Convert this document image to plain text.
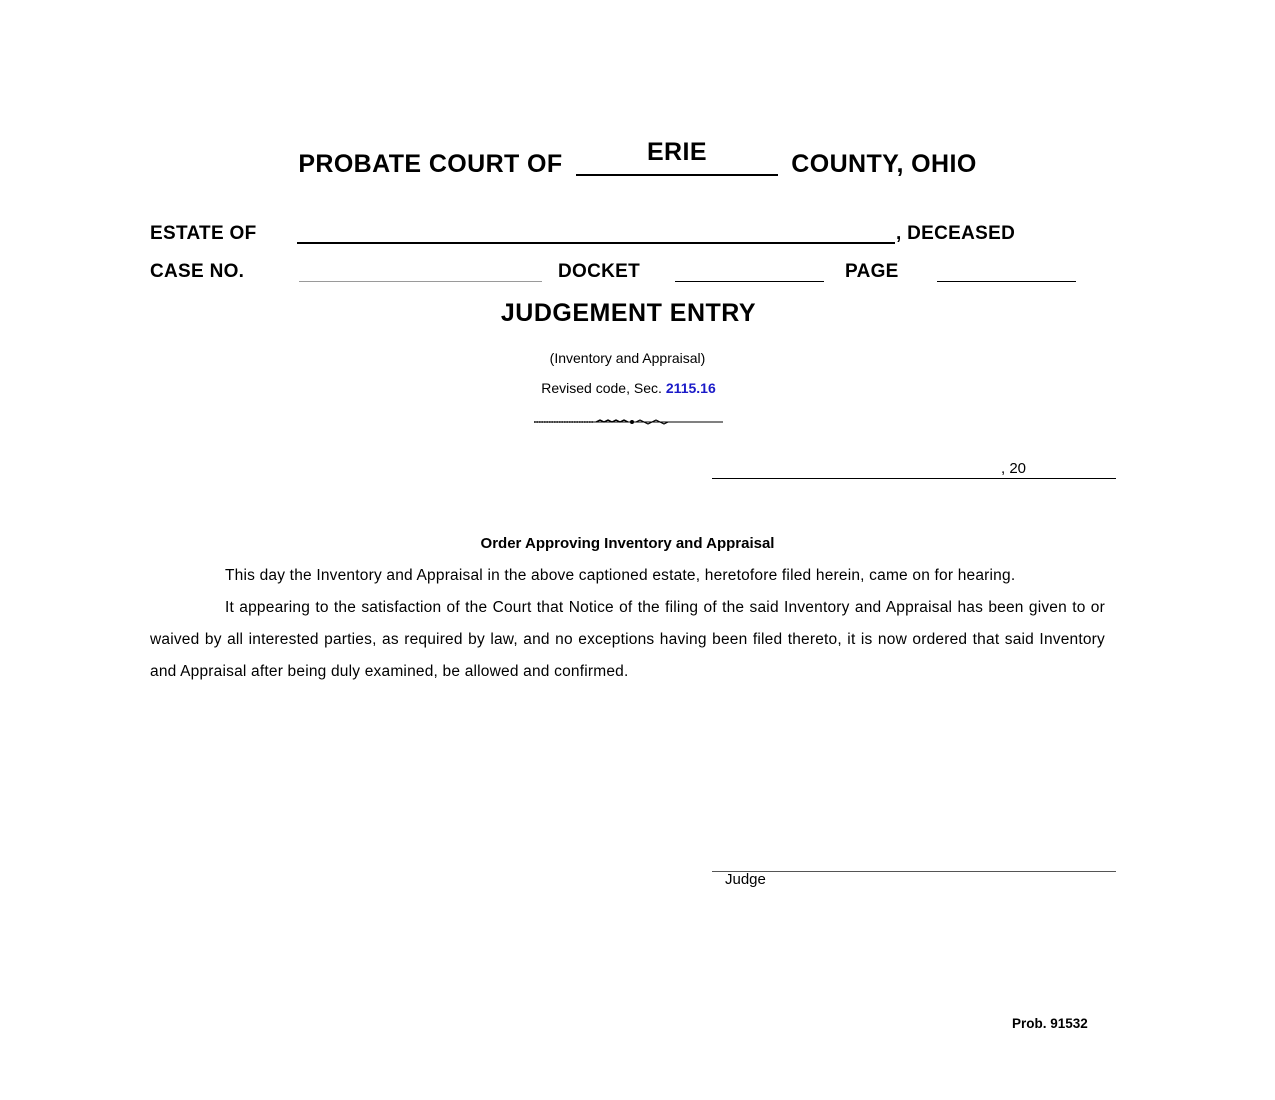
PROBATE COURT OF	ERIE	COUNTY, OHIO
ESTATE OF	, DECEASED
CASE NO.	DOCKET	PAGE
JUDGEMENT ENTRY
(Inventory and Appraisal)
Revised code, Sec. 2115.16
, 20
Order Approving Inventory and Appraisal

This day the Inventory and Appraisal in the above captioned estate, heretofore filed herein, came on for hearing.

It appearing to the satisfaction of the Court that Notice of the filing of the said Inventory and Appraisal has been given to or waived by all interested parties, as required by law, and no exceptions having been filed thereto, it is now ordered that said Inventory and Appraisal after being duly examined, be allowed and confirmed.

Judge
Prob. 91532
